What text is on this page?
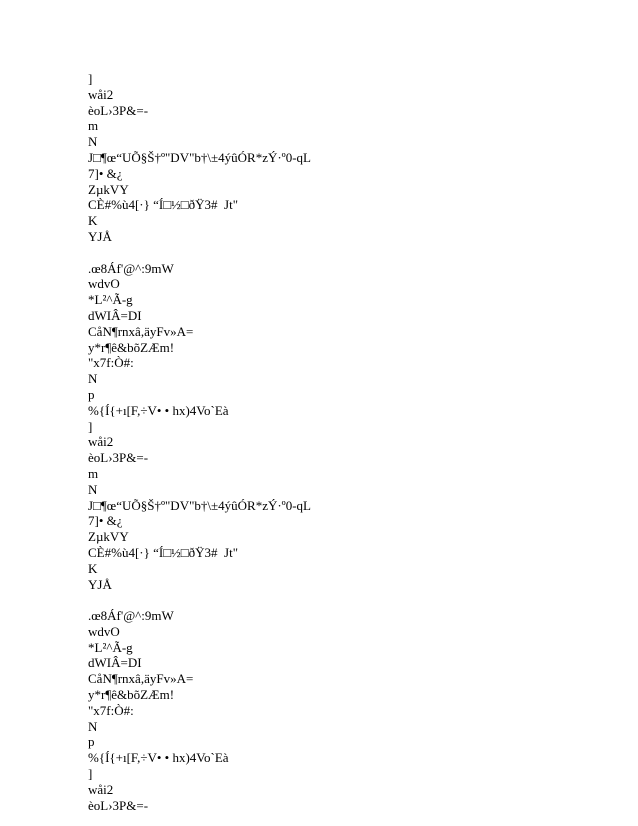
]
wåi2
èoL›3P&=-
m
N
J□¶œ“UÕ§Š†º"DV"b†\±4ýûÓR*zÝ·º0-qL
7]• &¿
ZµkVY
CÈ#%ù4[·} “Í□½□ðŸ3#  Jt"
K
YJÅ
.œ8Áf'@^:9mW
wdvO
*L²^Ã-g
dWIÂ=DI
CåN¶rnxâ,äyFv»A=
y*r¶ê&bõZÆm!
"x7f:Ò#:
N
p
%{Í{+ı[F,÷V• • hx)4Vo`Eà
]
wåi2
èoL›3P&=-
m
N
J□¶œ“UÕ§Š†º"DV"b†\±4ýûÓR*zÝ·º0-qL
7]• &¿
ZµkVY
CÈ#%ù4[·} “Í□½□ðŸ3#  Jt"
K
YJÅ
.œ8Áf'@^:9mW
wdvO
*L²^Ã-g
dWIÂ=DI
CåN¶rnxâ,äyFv»A=
y*r¶ê&bõZÆm!
"x7f:Ò#:
N
p
%{Í{+ı[F,÷V• • hx)4Vo`Eà
]
wåi2
èoL›3P&=-
